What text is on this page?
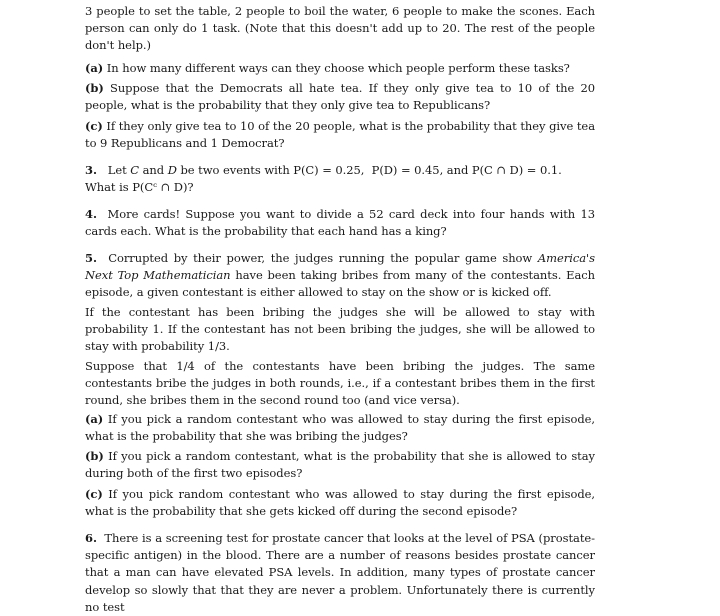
3 people to set the table, 2 people to boil the water, 6 people to make the scones. Each person can only do 1 task. (Note that this doesn't add up to 20. The rest of the people don't help.)

(a) In how many different ways can they choose which people perform these tasks?

(b) Suppose that the Democrats all hate tea. If they only give tea to 10 of the 20 people, what is the probability that they only give tea to Republicans?

(c) If they only give tea to 10 of the 20 people, what is the probability that they give tea to 9 Republicans and 1 Democrat?

3. Let C and D be two events with P(C) = 0.25, P(D) = 0.45, and P(C ∩ D) = 0.1.
What is P(Cᶜ ∩ D)?

4. More cards! Suppose you want to divide a 52 card deck into four hands with 13 cards each. What is the probability that each hand has a king?

5. Corrupted by their power, the judges running the popular game show America's Next Top Mathematician have been taking bribes from many of the contestants. Each episode, a given contestant is either allowed to stay on the show or is kicked off.

If the contestant has been bribing the judges she will be allowed to stay with probability 1. If the contestant has not been bribing the judges, she will be allowed to stay with probability 1/3.

Suppose that 1/4 of the contestants have been bribing the judges. The same contestants bribe the judges in both rounds, i.e., if a contestant bribes them in the first round, she bribes them in the second round too (and vice versa).

(a) If you pick a random contestant who was allowed to stay during the first episode, what is the probability that she was bribing the judges?

(b) If you pick a random contestant, what is the probability that she is allowed to stay during both of the first two episodes?

(c) If you pick random contestant who was allowed to stay during the first episode, what is the probability that she gets kicked off during the second episode?

6. There is a screening test for prostate cancer that looks at the level of PSA (prostate-specific antigen) in the blood. There are a number of reasons besides prostate cancer that a man can have elevated PSA levels. In addition, many types of prostate cancer develop so slowly that that they are never a problem. Unfortunately there is currently no test
